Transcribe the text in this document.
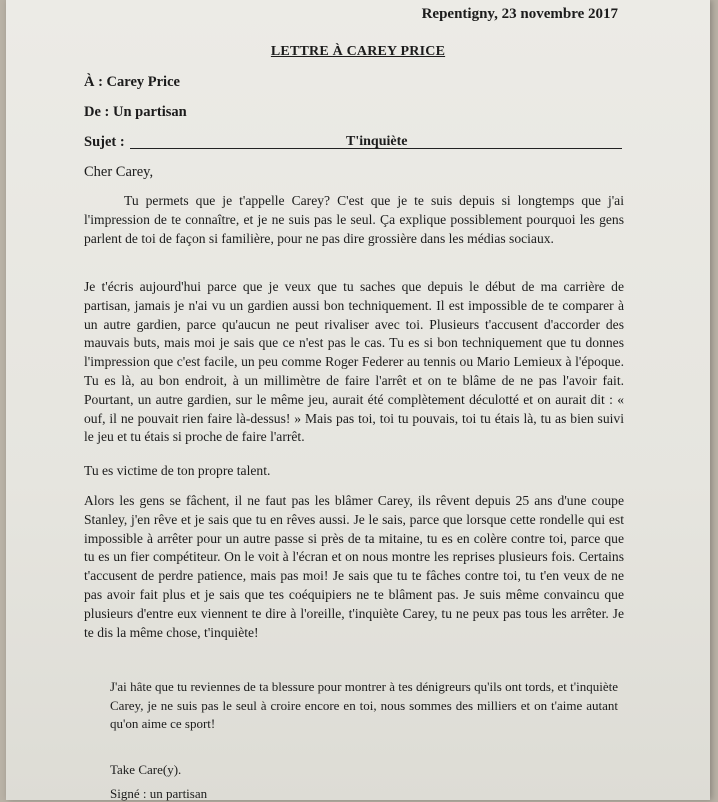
Repentigny, 23 novembre 2017
LETTRE À CAREY PRICE
À : Carey Price
De : Un partisan
Sujet :	T'inquiète
Cher Carey,
Tu permets que je t'appelle Carey? C'est que je te suis depuis si longtemps que j'ai l'impression de te connaître, et je ne suis pas le seul. Ça explique possiblement pourquoi les gens parlent de toi de façon si familière, pour ne pas dire grossière dans les médias sociaux.
Je t'écris aujourd'hui parce que je veux que tu saches que depuis le début de ma carrière de partisan, jamais je n'ai vu un gardien aussi bon techniquement. Il est impossible de te comparer à un autre gardien, parce qu'aucun ne peut rivaliser avec toi. Plusieurs t'accusent d'accorder des mauvais buts, mais moi je sais que ce n'est pas le cas. Tu es si bon techniquement que tu donnes l'impression que c'est facile, un peu comme Roger Federer au tennis ou Mario Lemieux à l'époque. Tu es là, au bon endroit, à un millimètre de faire l'arrêt et on te blâme de ne pas l'avoir fait. Pourtant, un autre gardien, sur le même jeu, aurait été complètement déculotté et on aurait dit : « ouf, il ne pouvait rien faire là-dessus! » Mais pas toi, toi tu pouvais, toi tu étais là, tu as bien suivi le jeu et tu étais si proche de faire l'arrêt.
Tu es victime de ton propre talent.
Alors les gens se fâchent, il ne faut pas les blâmer Carey, ils rêvent depuis 25 ans d'une coupe Stanley, j'en rêve et je sais que tu en rêves aussi. Je le sais, parce que lorsque cette rondelle qui est impossible à arrêter pour un autre passe si près de ta mitaine, tu es en colère contre toi, parce que tu es un fier compétiteur. On le voit à l'écran et on nous montre les reprises plusieurs fois. Certains t'accusent de perdre patience, mais pas moi! Je sais que tu te fâches contre toi, tu t'en veux de ne pas avoir fait plus et je sais que tes coéquipiers ne te blâment pas. Je suis même convaincu que plusieurs d'entre eux viennent te dire à l'oreille, t'inquiète Carey, tu ne peux pas tous les arrêter. Je te dis la même chose, t'inquiète!
J'ai hâte que tu reviennes de ta blessure pour montrer à tes dénigreurs qu'ils ont tords, et t'inquiète Carey, je ne suis pas le seul à croire encore en toi, nous sommes des milliers et on t'aime autant qu'on aime ce sport!
Take Care(y).
Signé : un partisan
